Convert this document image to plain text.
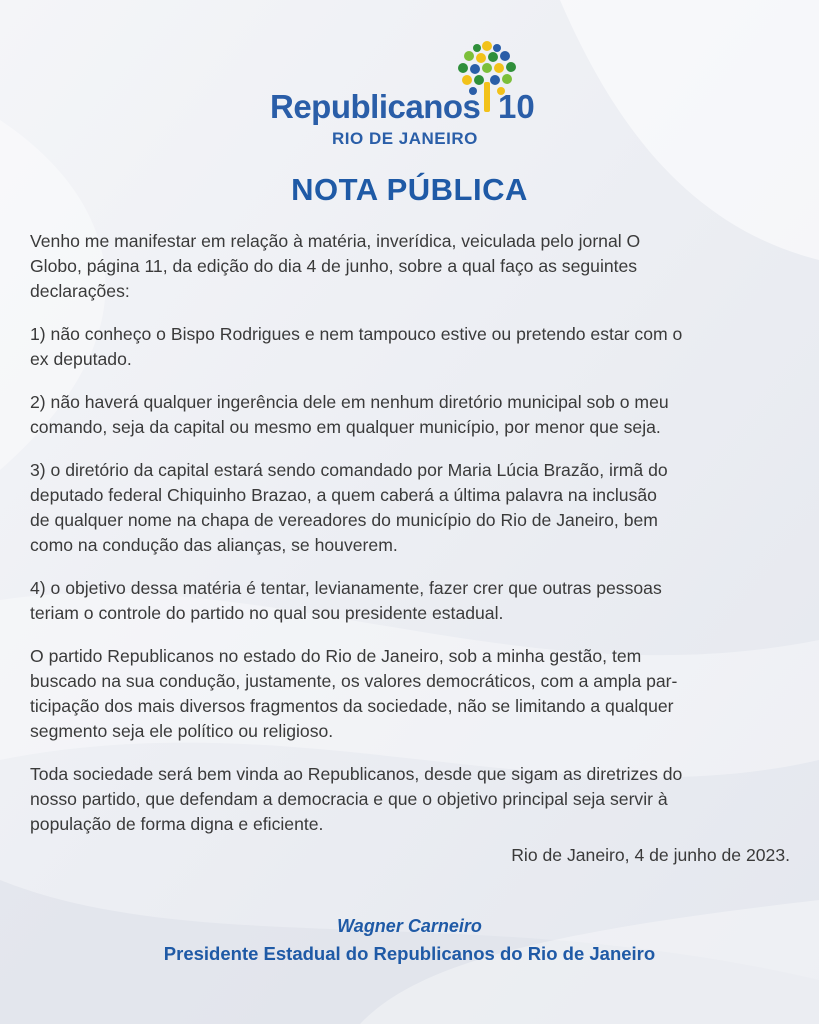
Republicanos 10
RIO DE JANEIRO
NOTA PÚBLICA

Venho me manifestar em relação à matéria, inverídica, veiculada pelo jornal O
Globo, página 11, da edição do dia 4 de junho, sobre a qual faço as seguintes
declarações:

1) não conheço o Bispo Rodrigues e nem tampouco estive ou pretendo estar com o
ex deputado.

2) não haverá qualquer ingerência dele em nenhum diretório municipal sob o meu
comando, seja da capital ou mesmo em qualquer município, por menor que seja.

3) o diretório da capital estará sendo comandado por Maria Lúcia Brazão, irmã do
deputado federal Chiquinho Brazao, a quem caberá a última palavra na inclusão
de qualquer nome na chapa de vereadores do município do Rio de Janeiro, bem
como na condução das alianças, se houverem.

4) o objetivo dessa matéria é tentar, levianamente, fazer crer que outras pessoas
teriam o controle do partido no qual sou presidente estadual.

O partido Republicanos no estado do Rio de Janeiro, sob a minha gestão, tem
buscado na sua condução, justamente, os valores democráticos, com a ampla par-
ticipação dos mais diversos fragmentos da sociedade, não se limitando a qualquer
segmento seja ele político ou religioso.

Toda sociedade será bem vinda ao Republicanos, desde que sigam as diretrizes do
nosso partido, que defendam a democracia e que o objetivo principal seja servir à
população de forma digna e eficiente.

Rio de Janeiro, 4 de junho de 2023.
Wagner Carneiro
Presidente Estadual do Republicanos do Rio de Janeiro
